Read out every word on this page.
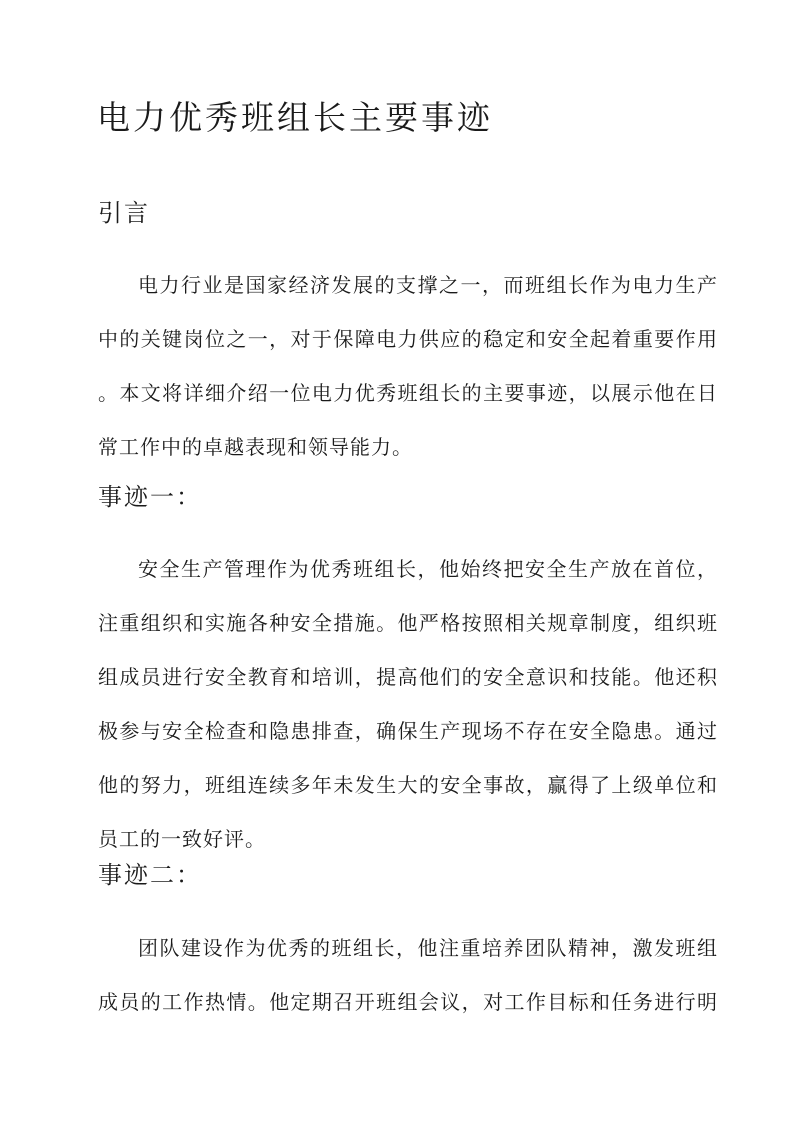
电力优秀班组长主要事迹
引言

电力行业是国家经济发展的支撑之一，而班组长作为电力生产
中的关键岗位之一，对于保障电力供应的稳定和安全起着重要作用
。本文将详细介绍一位电力优秀班组长的主要事迹，以展示他在日
常工作中的卓越表现和领导能力。

事迹一：

安全生产管理作为优秀班组长，他始终把安全生产放在首位，
注重组织和实施各种安全措施。他严格按照相关规章制度，组织班
组成员进行安全教育和培训，提高他们的安全意识和技能。他还积
极参与安全检查和隐患排查，确保生产现场不存在安全隐患。通过
他的努力，班组连续多年未发生大的安全事故，赢得了上级单位和
员工的一致好评。

事迹二：

团队建设作为优秀的班组长，他注重培养团队精神，激发班组
成员的工作热情。他定期召开班组会议，对工作目标和任务进行明
